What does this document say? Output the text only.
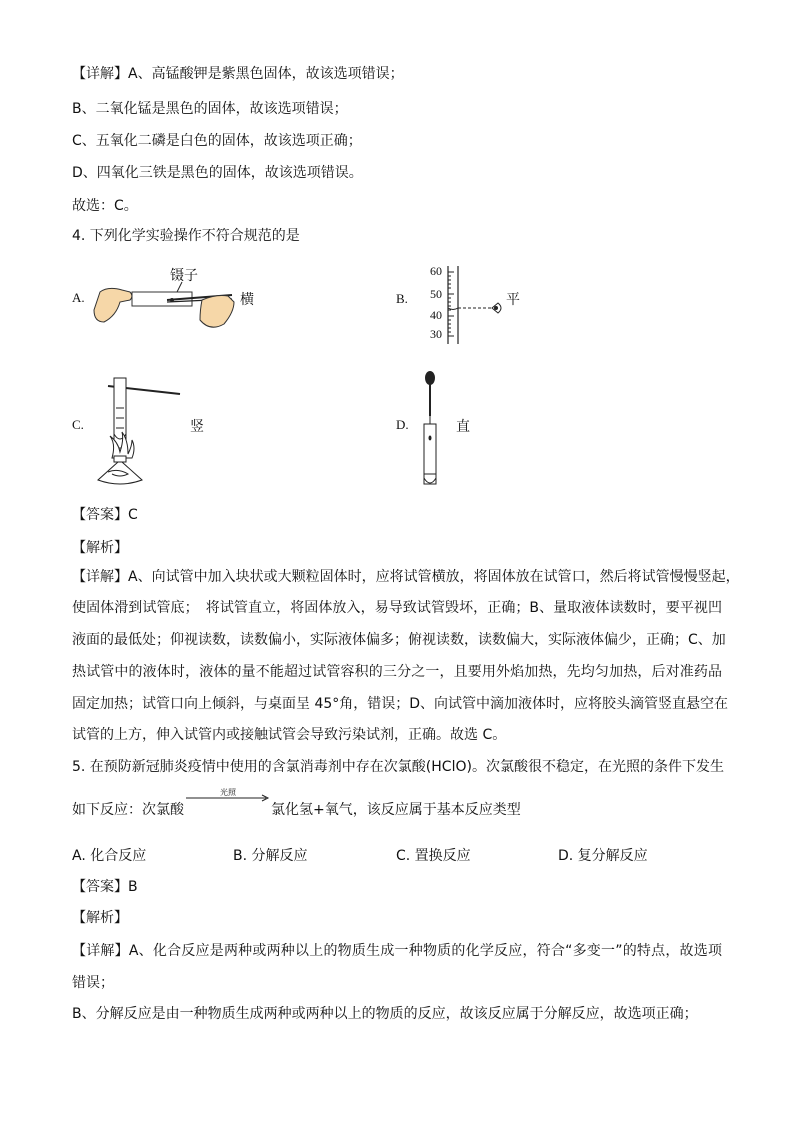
【详解】A、高锰酸钾是紫黑色固体，故该选项错误；
B、二氧化锰是黑色的固体，故该选项错误；
C、五氧化二磷是白色的固体，故该选项正确；
D、四氧化三铁是黑色的固体，故该选项错误。
故选：C。
4. 下列化学实验操作不符合规范的是
A.
镊子
横	B.
60
50
40
30
平
C.	竖	D.	直
【答案】C
【解析】
【详解】A、向试管中加入块状或大颗粒固体时，应将试管横放，将固体放在试管口，然后将试管慢慢竖起，
使固体滑到试管底；　将试管直立，将固体放入，易导致试管毁坏，正确；B、量取液体读数时，要平视凹
液面的最低处；仰视读数，读数偏小，实际液体偏多；俯视读数，读数偏大，实际液体偏少，正确；C、加
热试管中的液体时，液体的量不能超过试管容积的三分之一，且要用外焰加热，先均匀加热，后对准药品
固定加热；试管口向上倾斜，与桌面呈 45°角，错误；D、向试管中滴加液体时，应将胶头滴管竖直悬空在
试管的上方，伸入试管内或接触试管会导致污染试剂，正确。故选 C。
5. 在预防新冠肺炎疫情中使用的含氯消毒剂中存在次氯酸(HClO)。次氯酸很不稳定，在光照的条件下发生
如下反应：次氯酸
光照
氯化氢+氧气，该反应属于基本反应类型
A. 化合反应	B. 分解反应	C. 置换反应	D. 复分解反应
【答案】B
【解析】
【详解】A、化合反应是两种或两种以上的物质生成一种物质的化学反应，符合“多变一”的特点，故选项
错误；
B、分解反应是由一种物质生成两种或两种以上的物质的反应，故该反应属于分解反应，故选项正确；
